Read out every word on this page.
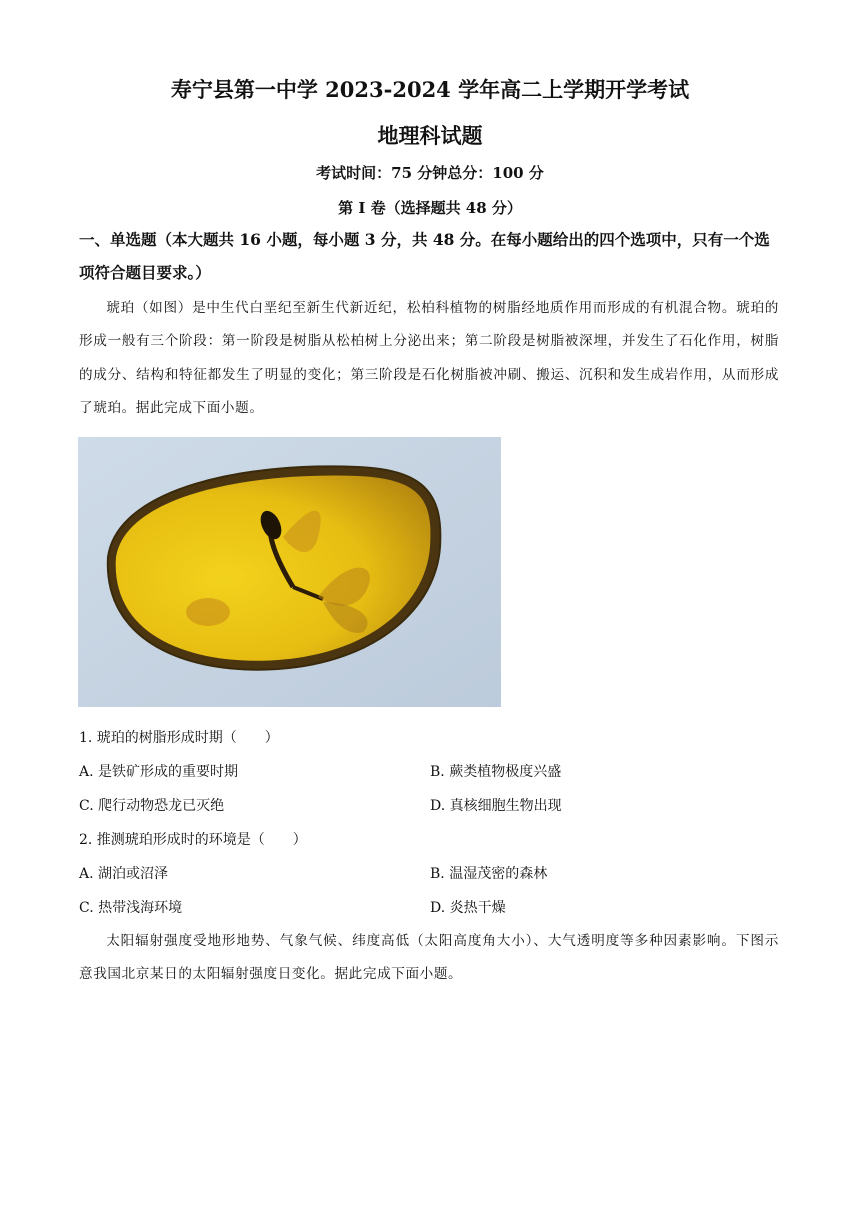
寿宁县第一中学 2023-2024 学年高二上学期开学考试
地理科试题
考试时间：75 分钟总分：100 分
第 I 卷（选择题共 48 分）
一、单选题（本大题共 16 小题，每小题 3 分，共 48 分。在每小题给出的四个选项中，只有一个选项符合题目要求。）
琥珀（如图）是中生代白垩纪至新生代新近纪，松柏科植物的树脂经地质作用而形成的有机混合物。琥珀的形成一般有三个阶段：第一阶段是树脂从松柏树上分泌出来；第二阶段是树脂被深埋，并发生了石化作用，树脂的成分、结构和特征都发生了明显的变化；第三阶段是石化树脂被冲刷、搬运、沉积和发生成岩作用，从而形成了琥珀。据此完成下面小题。
1. 琥珀的树脂形成时期（　　）
A. 是铁矿形成的重要时期	B. 蕨类植物极度兴盛
C. 爬行动物恐龙已灭绝	D. 真核细胞生物出现
2. 推测琥珀形成时的环境是（　　）
A. 湖泊或沼泽	B. 温湿茂密的森林
C. 热带浅海环境	D. 炎热干燥
太阳辐射强度受地形地势、气象气候、纬度高低（太阳高度角大小）、大气透明度等多种因素影响。下图示意我国北京某日的太阳辐射强度日变化。据此完成下面小题。
